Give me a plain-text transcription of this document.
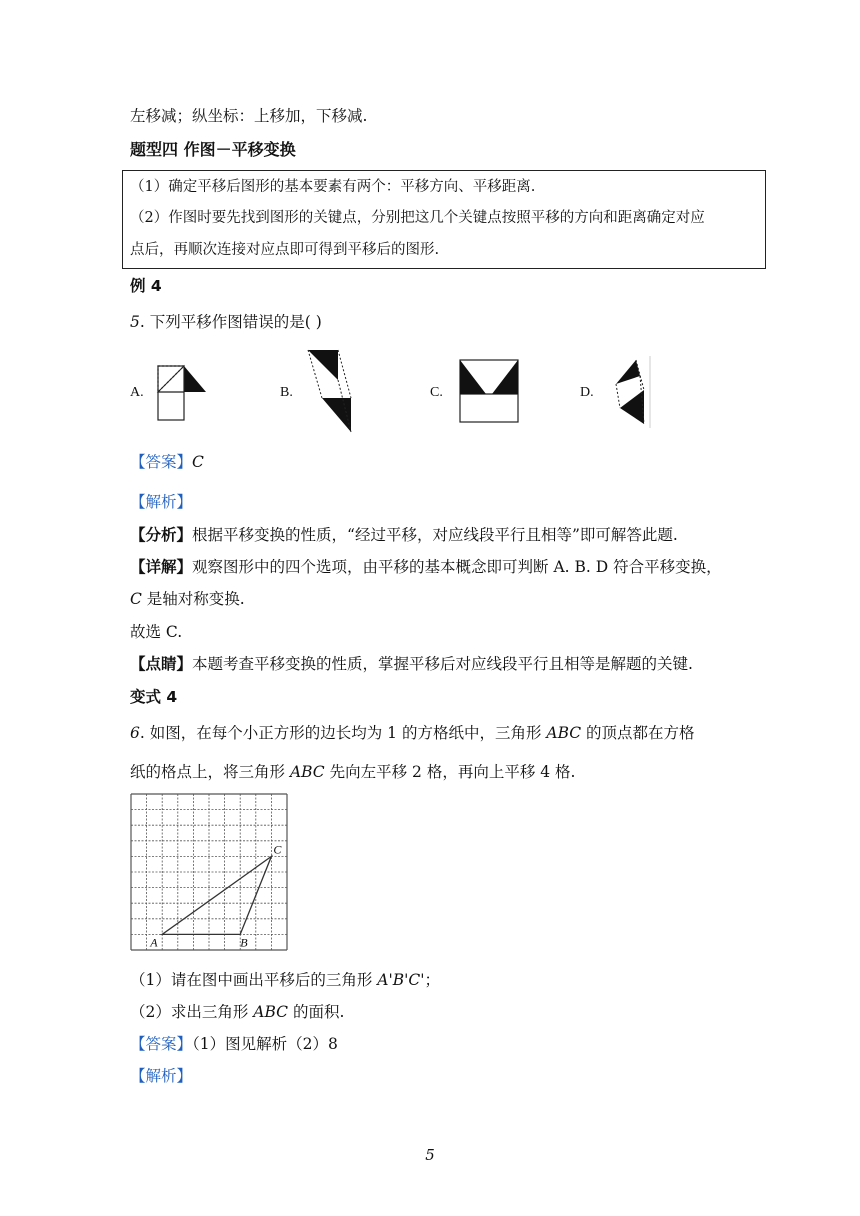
左移减；纵坐标：上移加，下移减.
题型四 作图－平移变换
（1）确定平移后图形的基本要素有两个：平移方向、平移距离.
（2）作图时要先找到图形的关键点，分别把这几个关键点按照平移的方向和距离确定对应
点后，再顺次连接对应点即可得到平移后的图形.
例 4
5. 下列平移作图错误的是( )
A.	B.	C.	D.
【答案】C
【解析】
【分析】根据平移变换的性质，“经过平移，对应线段平行且相等”即可解答此题.
【详解】观察图形中的四个选项，由平移的基本概念即可判断 A. B. D 符合平移变换，
C 是轴对称变换.
故选 C.
【点睛】本题考查平移变换的性质，掌握平移后对应线段平行且相等是解题的关键.
变式 4
6. 如图，在每个小正方形的边长均为 1 的方格纸中，三角形 ABC 的顶点都在方格
纸的格点上，将三角形 ABC 先向左平移 2 格，再向上平移 4 格.
A	B
C
（1）请在图中画出平移后的三角形 A'B'C'；
（2）求出三角形 ABC 的面积.
【答案】（1）图见解析（2）8
【解析】
5
